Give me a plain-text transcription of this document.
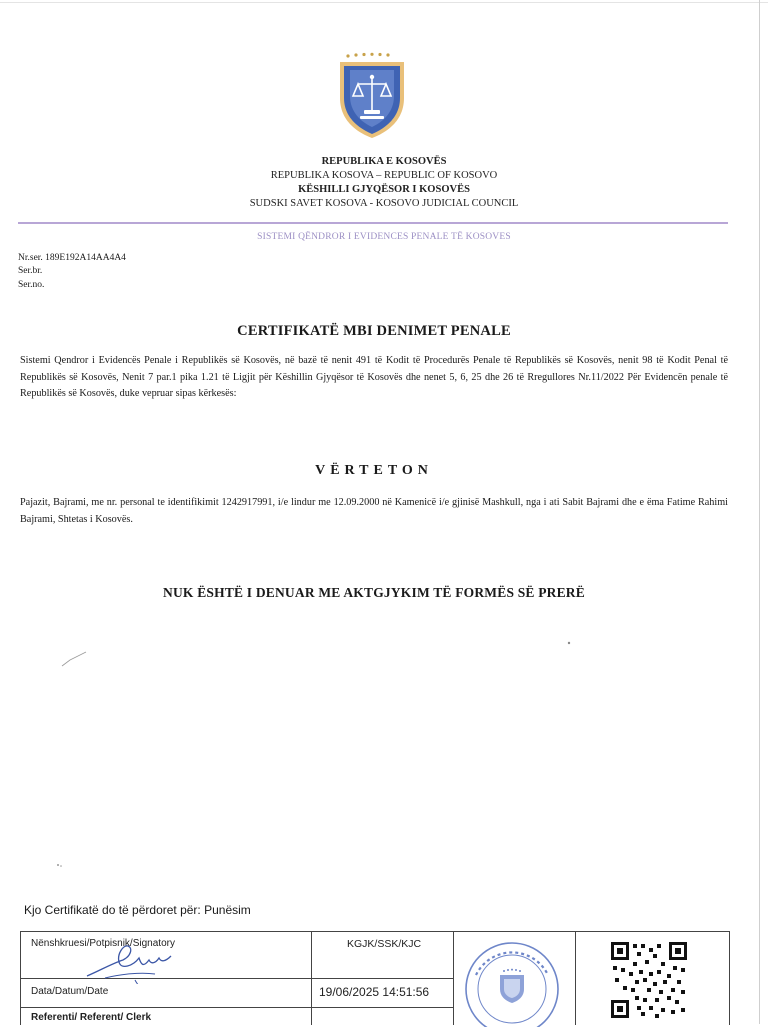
REPUBLIKA E KOSOVËS
REPUBLIKA KOSOVA – REPUBLIC OF KOSOVO
KËSHILLI GJYQËSOR I KOSOVËS
SUDSKI SAVET KOSOVA - KOSOVO JUDICIAL COUNCIL
SISTEMI QËNDROR I EVIDENCES PENALE TË KOSOVES
Nr.ser. 189E192A14AA4A4
Ser.br.
Ser.no.
CERTIFIKATË MBI DENIMET PENALE
Sistemi Qendror i Evidencës Penale i Republikës së Kosovës, në bazë të nenit 491 të Kodit të Procedurës Penale të Republikës së Kosovës, nenit 98 të Kodit Penal të Republikës së Kosovës, Nenit 7 par.1 pika 1.21 të Ligjit për Këshillin Gjyqësor të Kosovës dhe nenet 5, 6, 25 dhe 26 të Rregullores Nr.11/2022 Për Evidencën penale të Republikës së Kosovës, duke vepruar sipas kërkesës:
VËRTETON
Pajazit, Bajrami, me nr. personal te identifikimit 1242917991, i/e lindur me 12.09.2000 në Kamenicë i/e gjinisë Mashkull, nga i ati Sabit Bajrami dhe e ëma Fatime Rahimi Bajrami, Shtetas i Kosovës.
NUK ËSHTË I DENUAR ME AKTGJYKIM TË FORMËS SË PRERË
Kjo Certifikatë do të përdoret për: Punësim
Nënshkruesi/Potpisnik/Signatory	KGJK/SSK/KJC
Data/Datum/Date	19/06/2025 14:51:56
Referenti/ Referent/ Clerk
